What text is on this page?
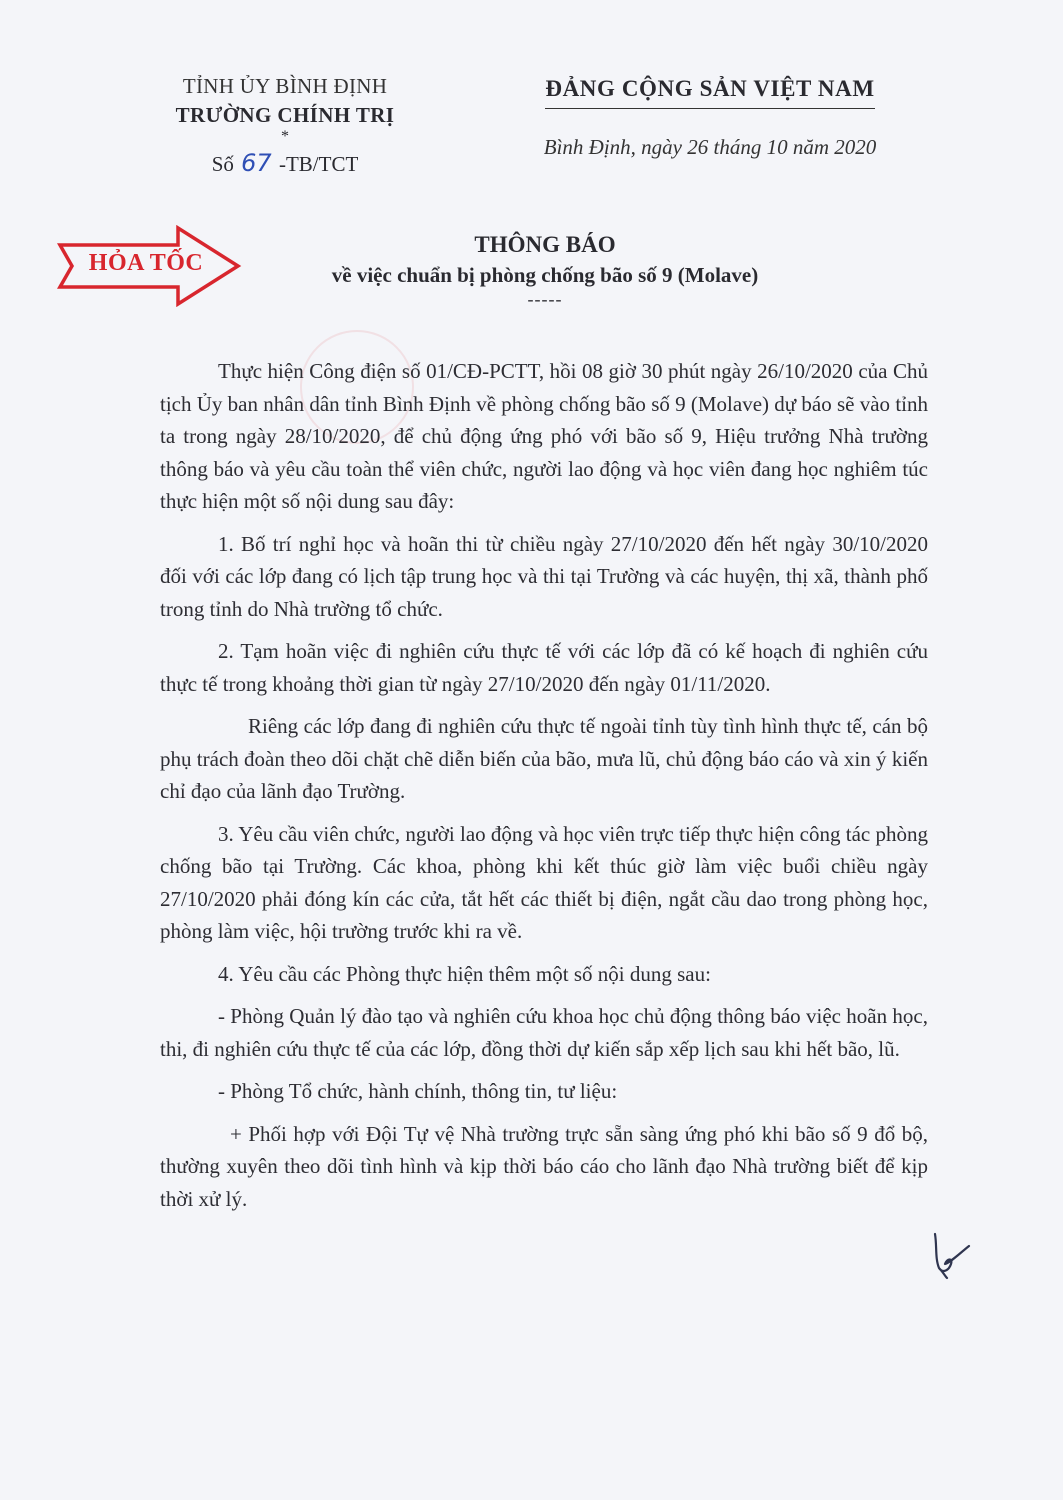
TỈNH ỦY BÌNH ĐỊNH
TRƯỜNG CHÍNH TRỊ
*
Số 67 -TB/TCT
ĐẢNG CỘNG SẢN VIỆT NAM
Bình Định, ngày 26 tháng 10 năm 2020
HỎA TỐC
THÔNG BÁO
về việc chuẩn bị phòng chống bão số 9 (Molave)
-----

Thực hiện Công điện số 01/CĐ-PCTT, hồi 08 giờ 30 phút ngày 26/10/2020 của Chủ tịch Ủy ban nhân dân tỉnh Bình Định về phòng chống bão số 9 (Molave) dự báo sẽ vào tỉnh ta trong ngày 28/10/2020, để chủ động ứng phó với bão số 9, Hiệu trưởng Nhà trường thông báo và yêu cầu toàn thể viên chức, người lao động và học viên đang học nghiêm túc thực hiện một số nội dung sau đây:

1. Bố trí nghỉ học và hoãn thi từ chiều ngày 27/10/2020 đến hết ngày 30/10/2020 đối với các lớp đang có lịch tập trung học và thi tại Trường và các huyện, thị xã, thành phố trong tỉnh do Nhà trường tổ chức.

2. Tạm hoãn việc đi nghiên cứu thực tế với các lớp đã có kế hoạch đi nghiên cứu thực tế trong khoảng thời gian từ ngày 27/10/2020 đến ngày 01/11/2020.

Riêng các lớp đang đi nghiên cứu thực tế ngoài tỉnh tùy tình hình thực tế, cán bộ phụ trách đoàn theo dõi chặt chẽ diễn biến của bão, mưa lũ, chủ động báo cáo và xin ý kiến chỉ đạo của lãnh đạo Trường.

3. Yêu cầu viên chức, người lao động và học viên trực tiếp thực hiện công tác phòng chống bão tại Trường. Các khoa, phòng khi kết thúc giờ làm việc buổi chiều ngày 27/10/2020 phải đóng kín các cửa, tắt hết các thiết bị điện, ngắt cầu dao trong phòng học, phòng làm việc, hội trường trước khi ra về.

4. Yêu cầu các Phòng thực hiện thêm một số nội dung sau:

- Phòng Quản lý đào tạo và nghiên cứu khoa học chủ động thông báo việc hoãn học, thi, đi nghiên cứu thực tế của các lớp, đồng thời dự kiến sắp xếp lịch sau khi hết bão, lũ.

- Phòng Tổ chức, hành chính, thông tin, tư liệu:

+ Phối hợp với Đội Tự vệ Nhà trường trực sẵn sàng ứng phó khi bão số 9 đổ bộ, thường xuyên theo dõi tình hình và kịp thời báo cáo cho lãnh đạo Nhà trường biết để kịp thời xử lý.
